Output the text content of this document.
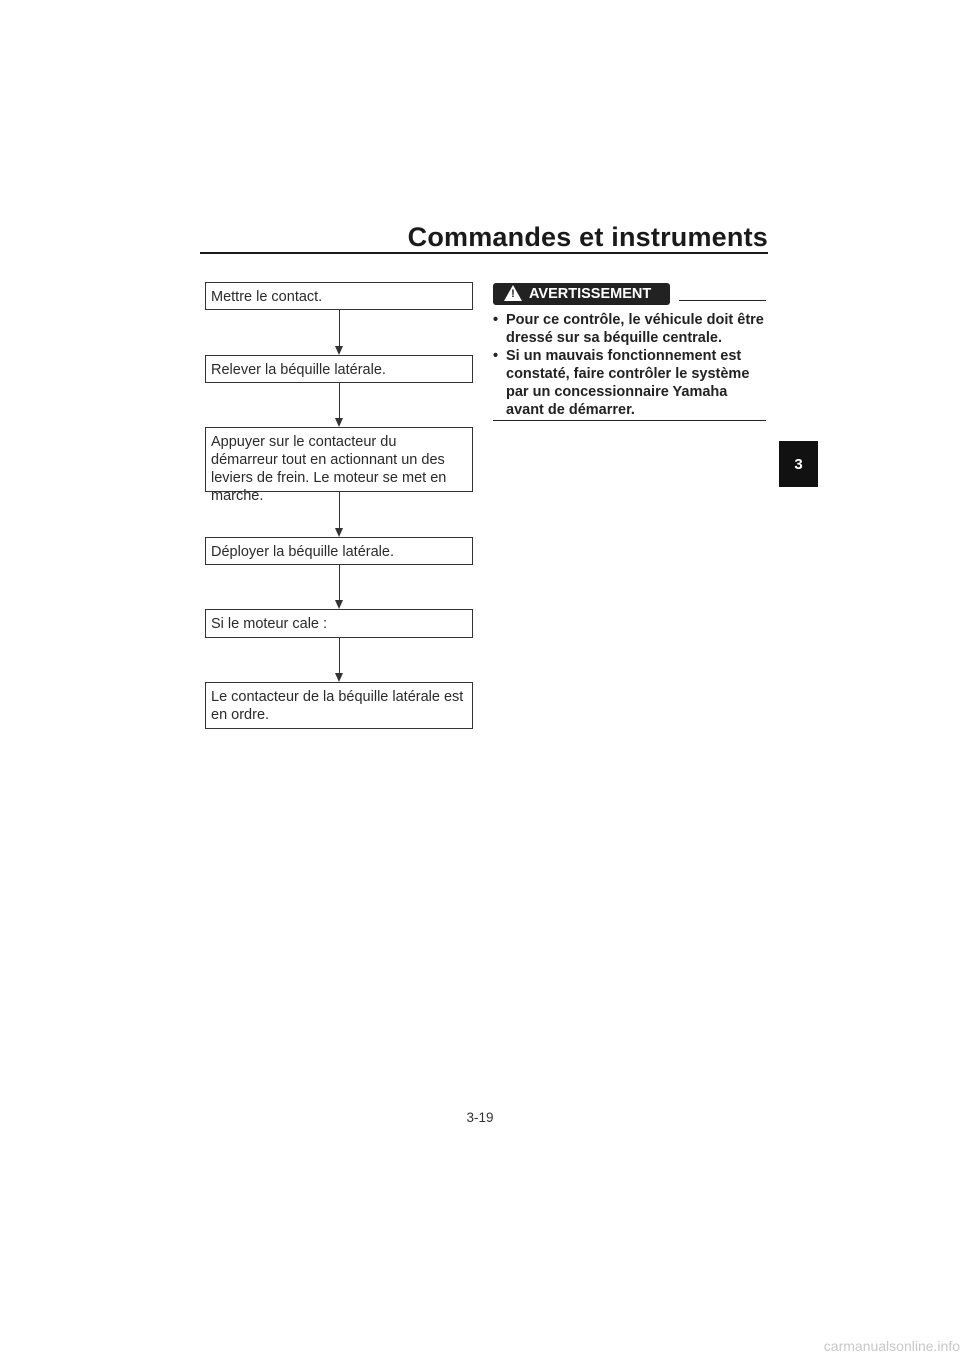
Commandes et instruments
Mettre le contact.
Relever la béquille latérale.
Appuyer sur le contacteur du démarreur tout en actionnant un des leviers de frein. Le moteur se met en marche.
Déployer la béquille latérale.
Si le moteur cale :
Le contacteur de la béquille latérale est en ordre.
! AVERTISSEMENT

• Pour ce contrôle, le véhicule doit être dressé sur sa béquille centrale.

• Si un mauvais fonctionnement est constaté, faire contrôler le système par un concessionnaire Yamaha avant de démarrer.

3
3-19
carmanualsonline.info
